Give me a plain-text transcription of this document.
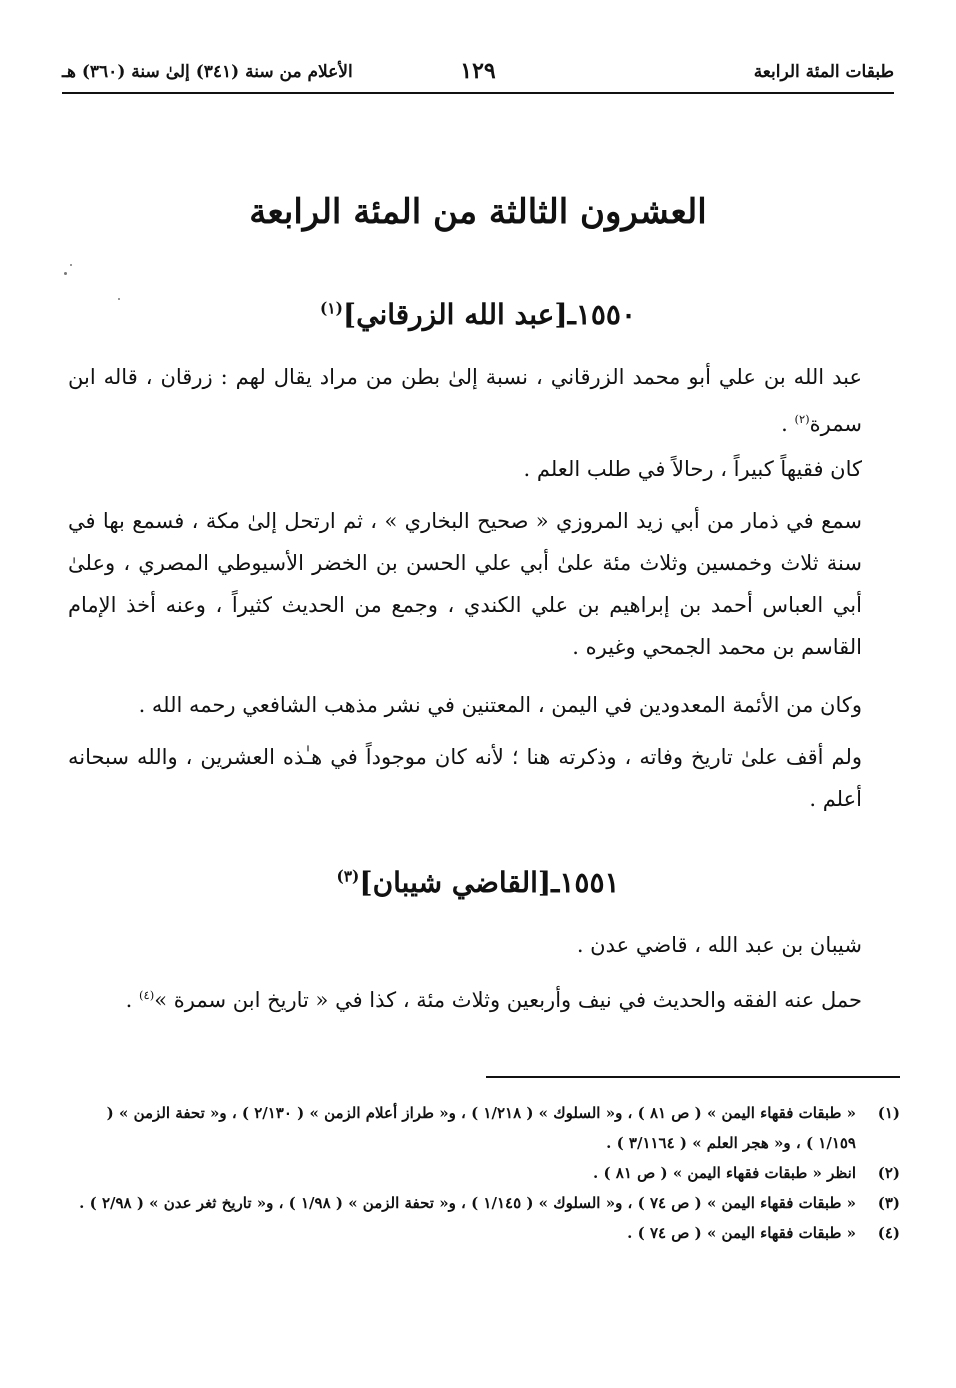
طبقات المئة الرابعة
١٢٩
الأعلام من سنة (٣٤١) إلىٰ سنة (٣٦٠) هـ
العشرون الثالثة من المئة الرابعة
١٥٥٠ـ[عبد الله الزرقاني]$^{(١)}$
عبد الله بن علي أبو محمد الزرقاني ، نسبة إلىٰ بطن من مراد يقال لهم : زرقان ، قاله ابن سمرة$^{(٢)}$ .
كان فقيهاً كبيراً ، رحالاً في طلب العلم .
سمع في ذمار من أبي زيد المروزي « صحيح البخاري » ، ثم ارتحل إلىٰ مكة ، فسمع بها في سنة ثلاث وخمسين وثلاث مئة علىٰ أبي علي الحسن بن الخضر الأسيوطي المصري ، وعلىٰ أبي العباس أحمد بن إبراهيم بن علي الكندي ، وجمع من الحديث كثيراً ، وعنه أخذ الإمام القاسم بن محمد الجمحي وغيره .
وكان من الأئمة المعدودين في اليمن ، المعتنين في نشر مذهب الشافعي رحمه الله .
ولم أقف علىٰ تاريخ وفاته ، وذكرته هنا ؛ لأنه كان موجوداً في هـٰذه العشرين ، والله سبحانه أعلم .
١٥٥١ـ[القاضي شيبان]$^{(٣)}$
شيبان بن عبد الله ، قاضي عدن .
حمل عنه الفقه والحديث في نيف وأربعين وثلاث مئة ، كذا في « تاريخ ابن سمرة »$^{(٤)}$ .
(١)
« طبقات فقهاء اليمن » ( ص ٨١ ) ، و« السلوك » ( ١/٢١٨ ) ، و« طراز أعلام الزمن » ( ٢/١٣٠ ) ، و« تحفة الزمن » ( ١/١٥٩ ) ، و« هجر العلم » ( ٣/١١٦٤ ) .
(٢)
انظر « طبقات فقهاء اليمن » ( ص ٨١ ) .
(٣)
« طبقات فقهاء اليمن » ( ص ٧٤ ) ، و« السلوك » ( ١/١٤٥ ) ، و« تحفة الزمن » ( ١/٩٨ ) ، و« تاريخ ثغر عدن » ( ٢/٩٨ ) .
(٤)
« طبقات فقهاء اليمن » ( ص ٧٤ ) .
